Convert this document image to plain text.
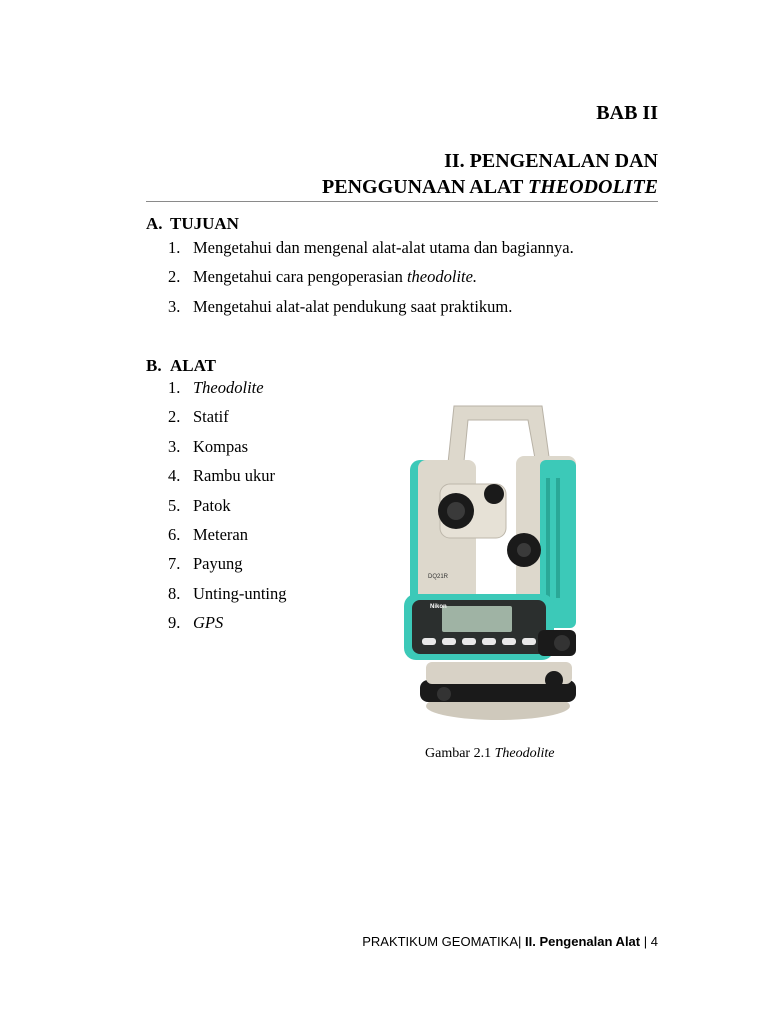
BAB II
II. PENGENALAN DAN
PENGGUNAAN ALAT THEODOLITE
A. TUJUAN
1. Mengetahui dan mengenal alat-alat utama dan bagiannya.
2. Mengetahui cara pengoperasian theodolite.
3. Mengetahui alat-alat pendukung saat praktikum.
B. ALAT
1. Theodolite
2. Statif
3. Kompas
4. Rambu ukur
5. Patok
6. Meteran
7. Payung
8. Unting-unting
9. GPS
Nikon
DQ21R
Gambar 2.1 Theodolite
PRAKTIKUM GEOMATIKA| II. Pengenalan Alat | 4
